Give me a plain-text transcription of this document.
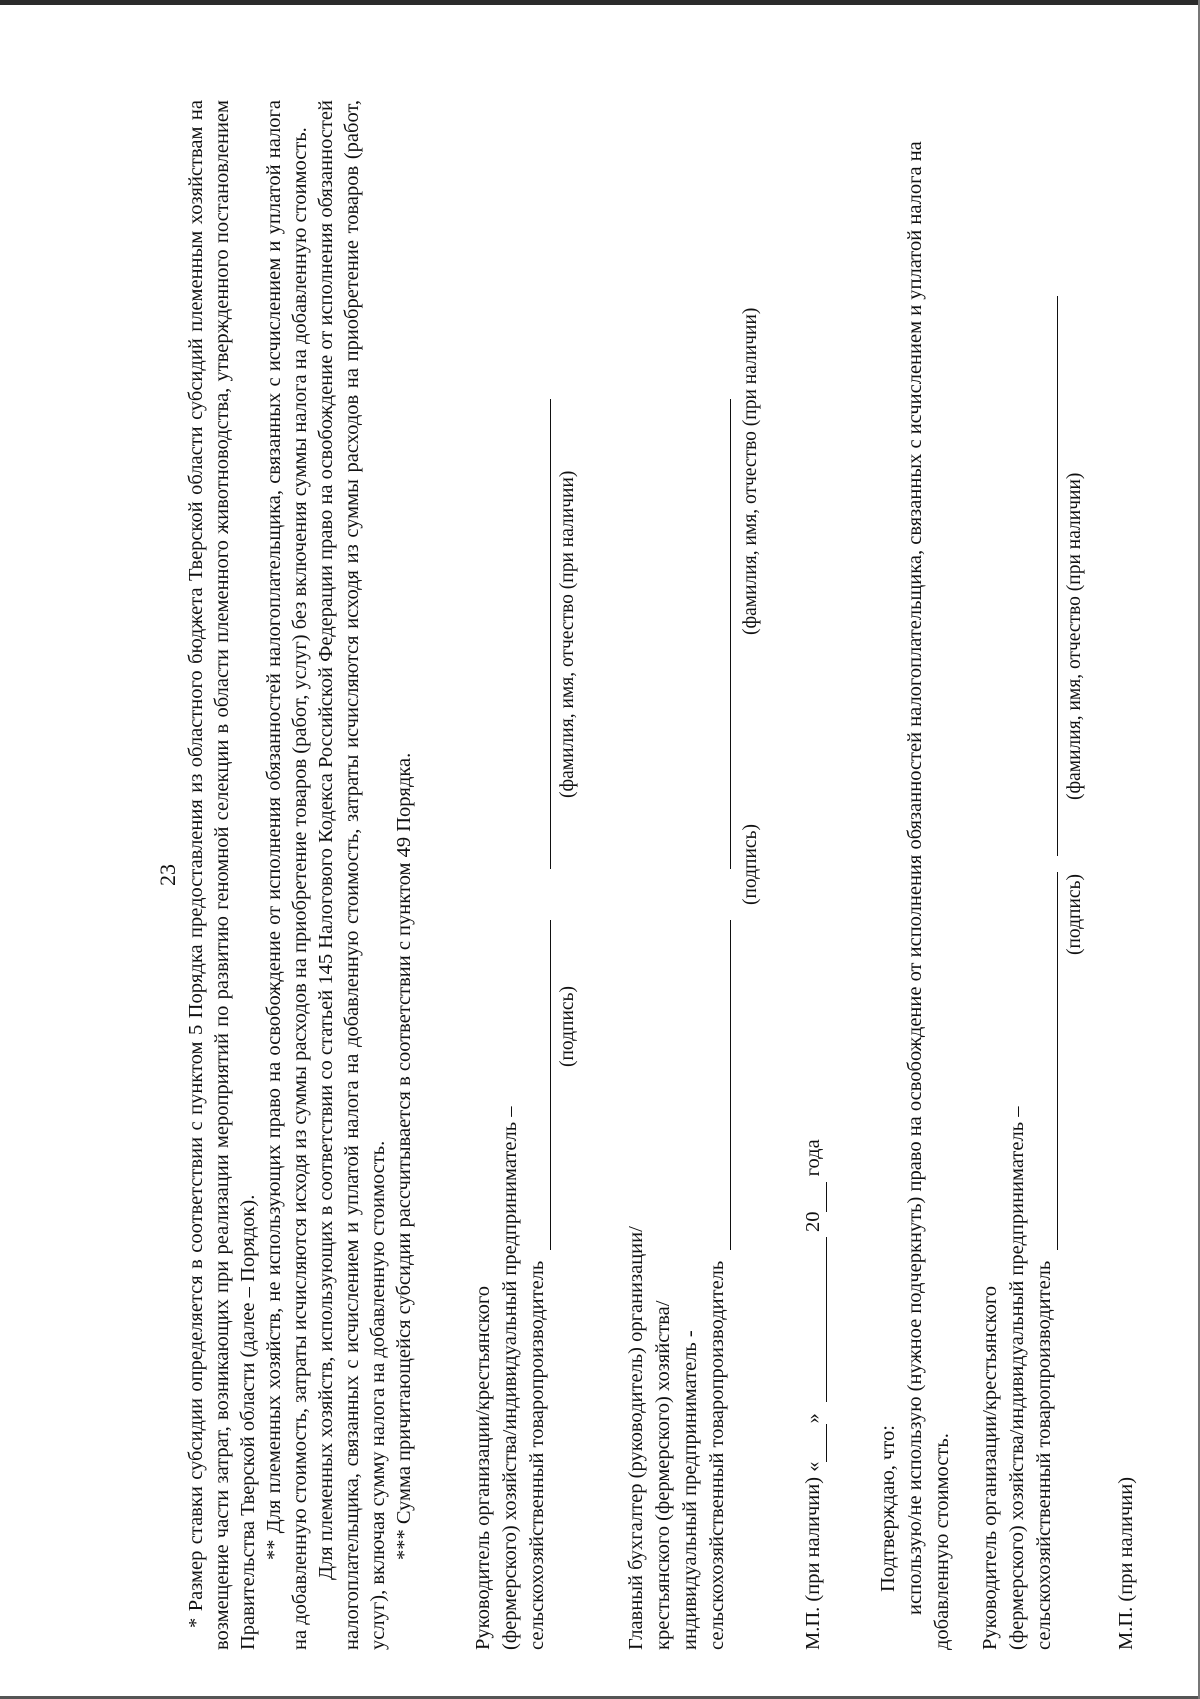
23 * Размер ставки субсидии определяется в соответствии с пунктом 5 Порядка предоставления из областного бюджета Тверской области субсидий племенным хозяйствам на возмещение части затрат, возникающих при реализации мероприятий по развитию геномной селекции в области племенного животноводства, утвержденного постановлением Правительства Тверской области (далее – Порядок). ** Для племенных хозяйств, не использующих право на освобождение от исполнения обязанностей налогоплательщика, связанных с исчислением и уплатой налога на добавленную стоимость, затраты исчисляются исходя из суммы расходов на приобретение товаров (работ, услуг) без включения суммы налога на добавленную стоимость. Для племенных хозяйств, использующих в соответствии со статьей 145 Налогового Кодекса Российской Федерации право на освобождение от исполнения обязанностей налогоплательщика, связанных с исчислением и уплатой налога на добавленную стоимость, затраты исчисляются исходя из суммы расходов на приобретение товаров (работ, услуг), включая сумму налога на добавленную стоимость. *** Сумма причитающейся субсидии рассчитывается в соответствии с пунктом 49 Порядка.	Руководитель организации/крестьянского (фермерского) хозяйства/индивидуальный предприниматель – сельскохозяйственный товаропроизводитель
(подпись)
(фамилия, имя, отчество (при наличии)
Главный бухгалтер (руководитель) организации/ крестьянского (фермерского) хозяйства/ индивидуальный предприниматель - сельскохозяйственный товаропроизводитель
(подпись)
(фамилия, имя, отчество (при наличии)
М.П. (при наличии) «»  20 года
Подтверждаю, что: использую/не использую (нужное подчеркнуть) право на освобождение от исполнения обязанностей налогоплательщика, связанных с исчислением и уплатой налога на добавленную стоимость. Руководитель организации/крестьянского (фермерского) хозяйства/индивидуальный предприниматель – сельскохозяйственный товаропроизводитель
(подпись)
(фамилия, имя, отчество (при наличии)
М.П. (при наличии)
